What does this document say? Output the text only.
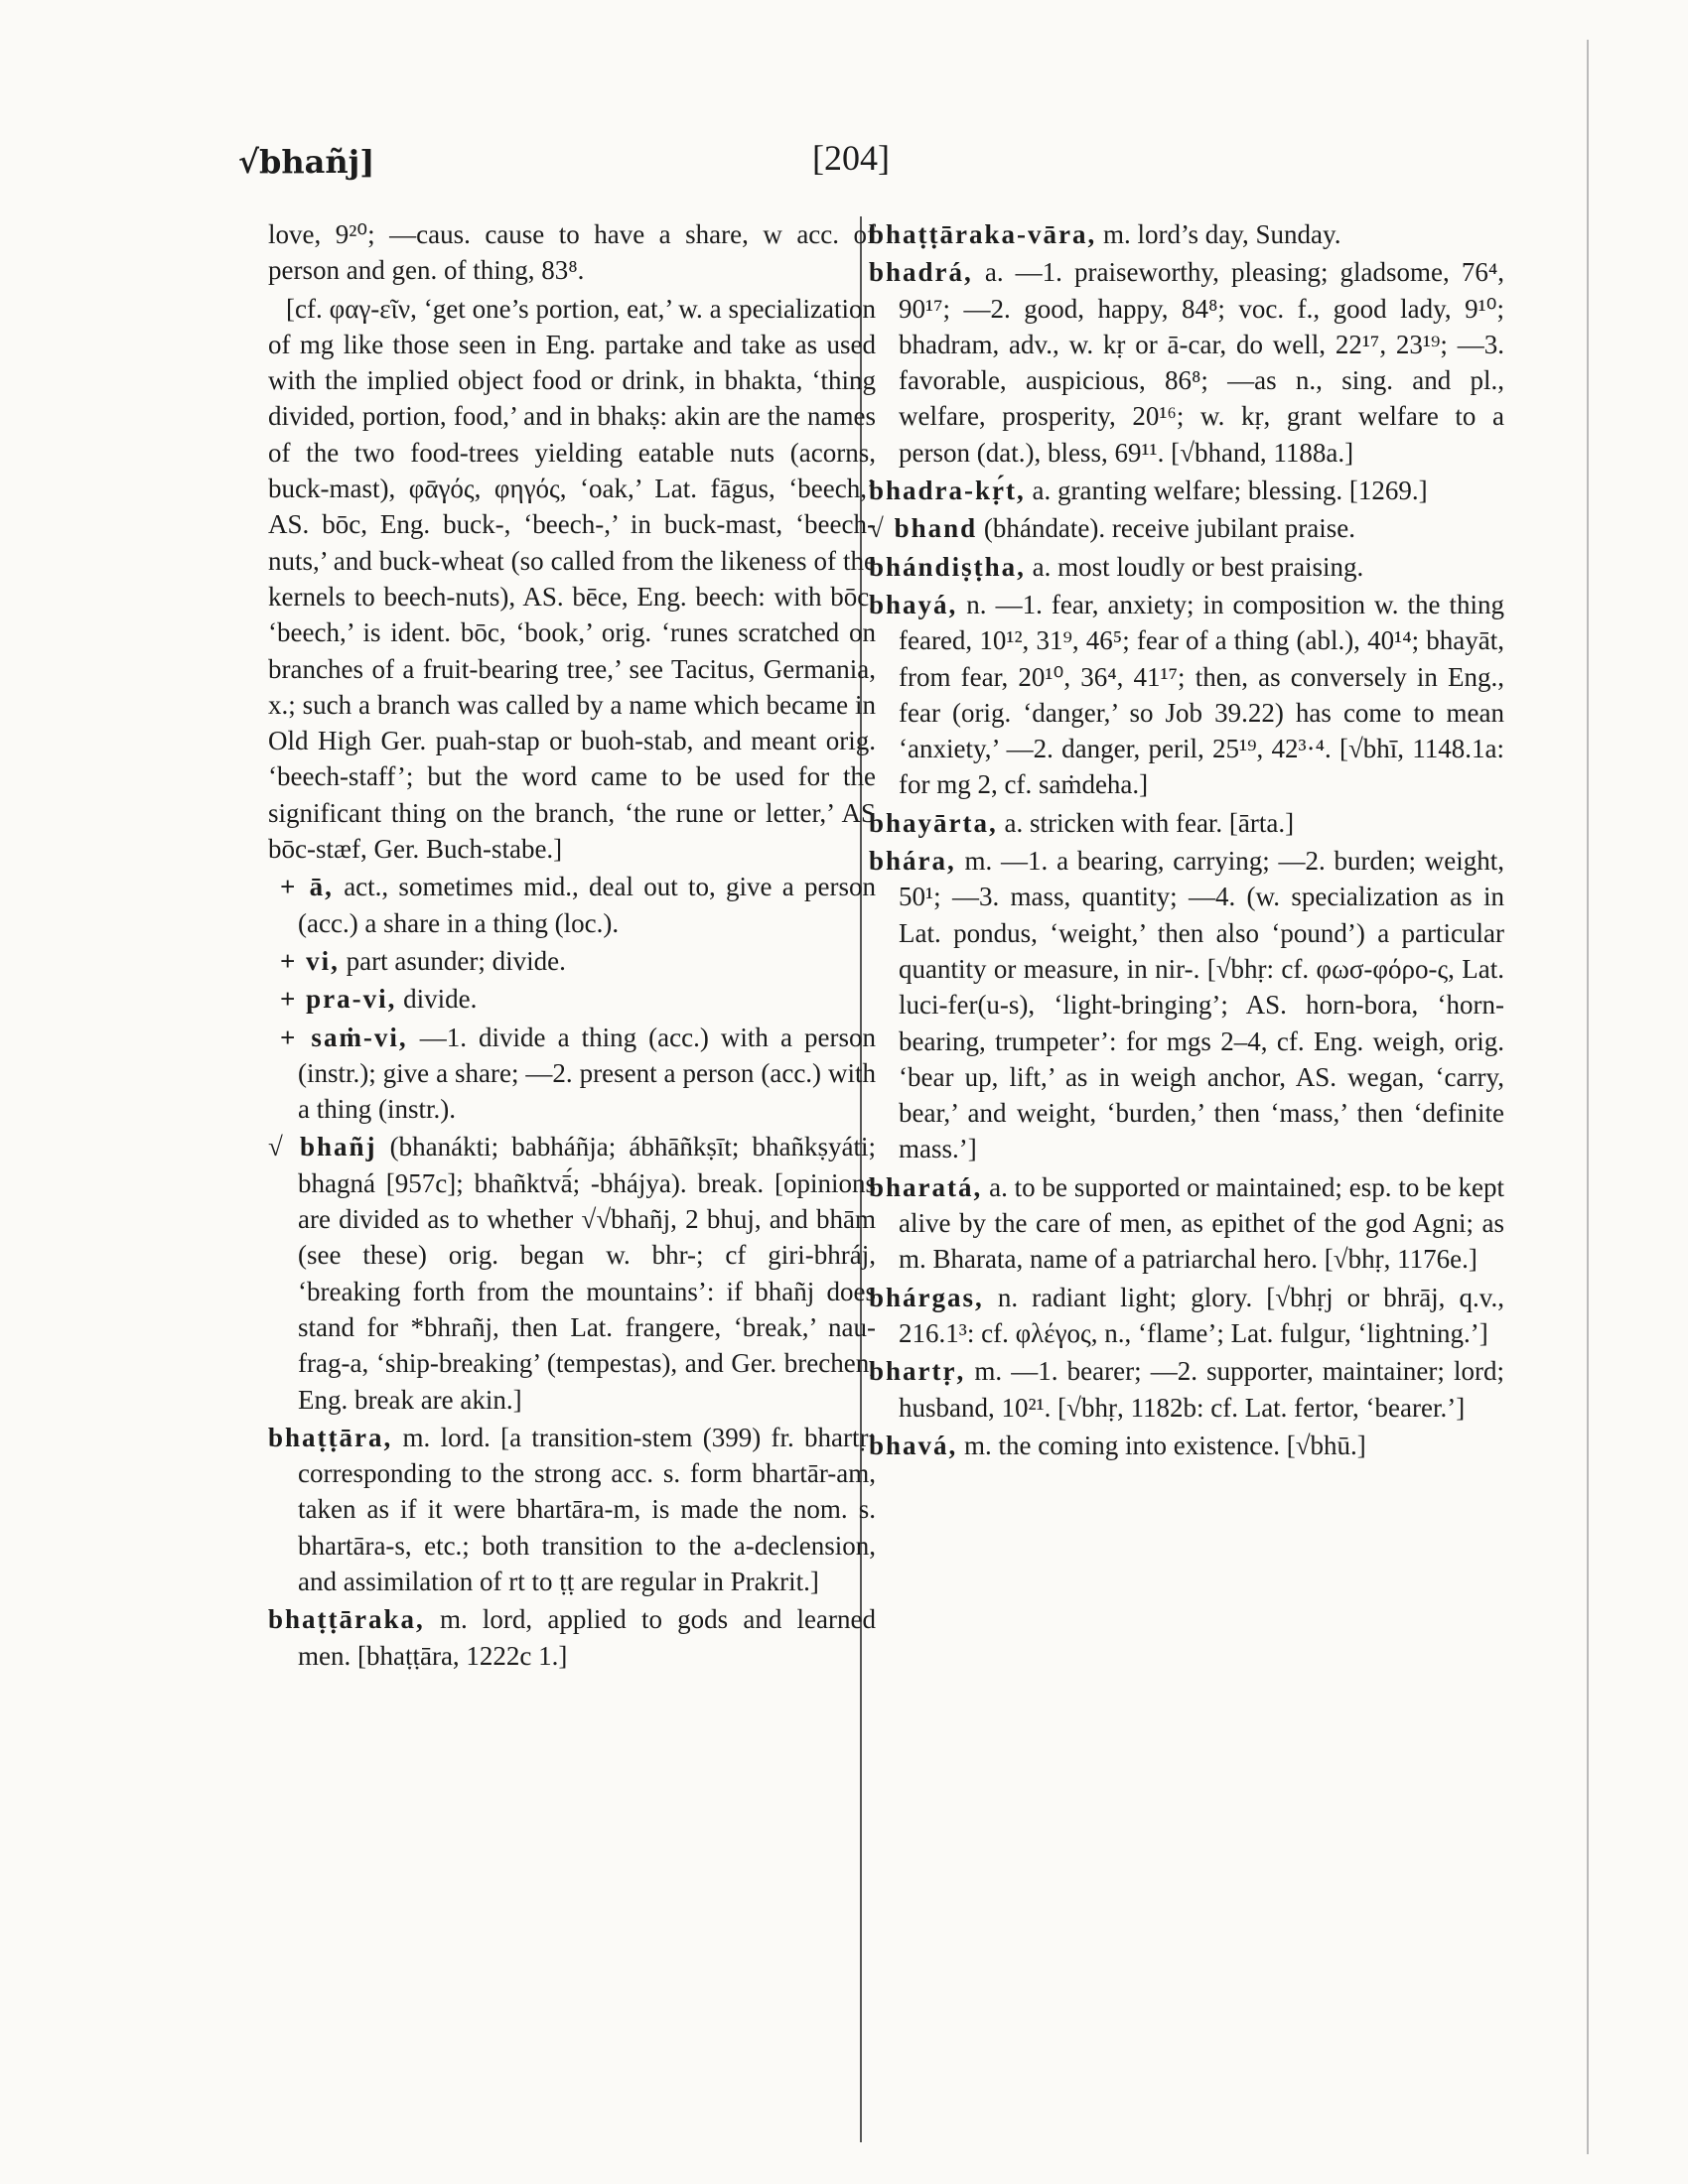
√bhañj]	[204]

love, 9²⁰; —caus. cause to have a share, w acc. of person and gen. of thing, 83⁸.

[cf. φαγ-εῖν, ‘get one’s portion, eat,’ w. a specialization of mg like those seen in Eng. partake and take as used with the implied object food or drink, in bhakta, ‘thing divided, portion, food,’ and in bhakṣ: akin are the names of the two food-trees yielding eatable nuts (acorns, buck-mast), φᾱγός, φηγός, ‘oak,’ Lat. fāgus, ‘beech,’ AS. bōc, Eng. buck-, ‘beech-,’ in buck-mast, ‘beech-nuts,’ and buck-wheat (so called from the likeness of the kernels to beech-nuts), AS. bēce, Eng. beech: with bōc, ‘beech,’ is ident. bōc, ‘book,’ orig. ‘runes scratched on branches of a fruit-bearing tree,’ see Tacitus, Germania, x.; such a branch was called by a name which became in Old High Ger. puah-stap or buoh-stab, and meant orig. ‘beech-staff’; but the word came to be used for the significant thing on the branch, ‘the rune or letter,’ AS bōc-stæf, Ger. Buch-stabe.]

+ ā, act., sometimes mid., deal out to, give a person (acc.) a share in a thing (loc.).

+ vi, part asunder; divide.

+ pra-vi, divide.

+ saṁ-vi, —1. divide a thing (acc.) with a person (instr.); give a share; —2. present a person (acc.) with a thing (instr.).

√ bhañj (bhanákti; babháñja; ábhāñkṣīt; bhañkṣyáti; bhagná [957c]; bhañktvā́; -bhájya). break. [opinions are divided as to whether √√bhañj, 2 bhuj, and bhām (see these) orig. began w. bhr-; cf giri-bhráj, ‘breaking forth from the mountains’: if bhañj does stand for *bhrañj, then Lat. frangere, ‘break,’ nau-frag-a, ‘ship-breaking’ (tempestas), and Ger. brechen, Eng. break are akin.]

bhaṭṭāra, m. lord. [a transition-stem (399) fr. bhartṛ: corresponding to the strong acc. s. form bhartār-am, taken as if it were bhartāra-m, is made the nom. s. bhartāra-s, etc.; both transition to the a-declension, and assimilation of rt to ṭṭ are regular in Prakrit.]

bhaṭṭāraka, m. lord, applied to gods and learned men. [bhaṭṭāra, 1222c 1.]

bhaṭṭāraka-vāra, m. lord’s day, Sunday.

bhadrá, a. —1. praiseworthy, pleasing; gladsome, 76⁴, 90¹⁷; —2. good, happy, 84⁸; voc. f., good lady, 9¹⁰; bhadram, adv., w. kṛ or ā-car, do well, 22¹⁷, 23¹⁹; —3. favorable, auspicious, 86⁸; —as n., sing. and pl., welfare, prosperity, 20¹⁶; w. kṛ, grant welfare to a person (dat.), bless, 69¹¹. [√bhand, 1188a.]

bhadra-kṛ́t, a. granting welfare; blessing. [1269.]

√ bhand (bhándate). receive jubilant praise.

bhándiṣṭha, a. most loudly or best praising.

bhayá, n. —1. fear, anxiety; in composition w. the thing feared, 10¹², 31⁹, 46⁵; fear of a thing (abl.), 40¹⁴; bhayāt, from fear, 20¹⁰, 36⁴, 41¹⁷; then, as conversely in Eng., fear (orig. ‘danger,’ so Job 39.22) has come to mean ‘anxiety,’ —2. danger, peril, 25¹⁹, 42³·⁴. [√bhī, 1148.1a: for mg 2, cf. saṁdeha.]

bhayārta, a. stricken with fear. [ārta.]

bhára, m. —1. a bearing, carrying; —2. burden; weight, 50¹; —3. mass, quantity; —4. (w. specialization as in Lat. pondus, ‘weight,’ then also ‘pound’) a particular quantity or measure, in nir-. [√bhṛ: cf. φωσ-φόρο-ς, Lat. luci-fer(u-s), ‘light-bringing’; AS. horn-bora, ‘horn-bearing, trumpeter’: for mgs 2–4, cf. Eng. weigh, orig. ‘bear up, lift,’ as in weigh anchor, AS. wegan, ‘carry, bear,’ and weight, ‘burden,’ then ‘mass,’ then ‘definite mass.’]

bharatá, a. to be supported or maintained; esp. to be kept alive by the care of men, as epithet of the god Agni; as m. Bharata, name of a patriarchal hero. [√bhṛ, 1176e.]

bhárgas, n. radiant light; glory. [√bhṛj or bhrāj, q.v., 216.1³: cf. φλέγος, n., ‘flame’; Lat. fulgur, ‘lightning.’]

bhartṛ, m. —1. bearer; —2. supporter, maintainer; lord; husband, 10²¹. [√bhṛ, 1182b: cf. Lat. fertor, ‘bearer.’]

bhavá, m. the coming into existence. [√bhū.]
